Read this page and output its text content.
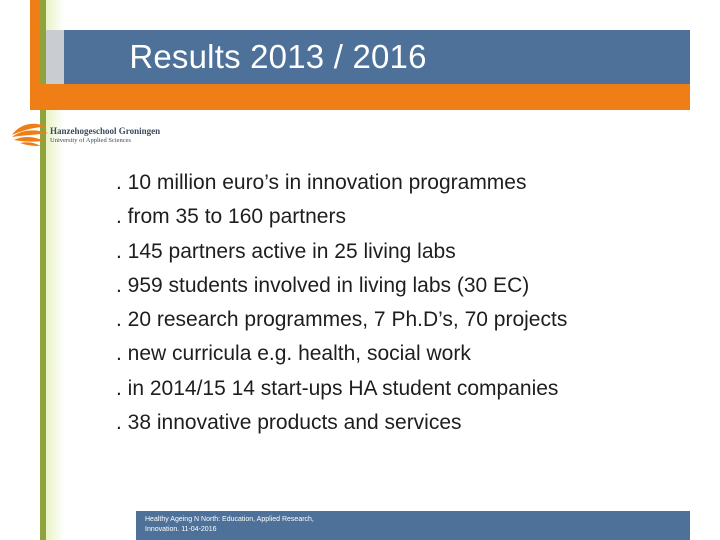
Results 2013 / 2016
Hanzehogeschool Groningen
University of Applied Sciences
. 10 million euro’s in innovation programmes
. from 35 to 160 partners
. 145 partners active in 25 living labs
. 959 students involved in living labs (30 EC)
. 20 research programmes, 7 Ph.D’s, 70 projects
. new curricula e.g. health, social work
. in 2014/15 14 start-ups HA student companies
. 38 innovative products and services
Healthy Ageing N North: Education, Applied Research,
Innovation. 11-04-2016
